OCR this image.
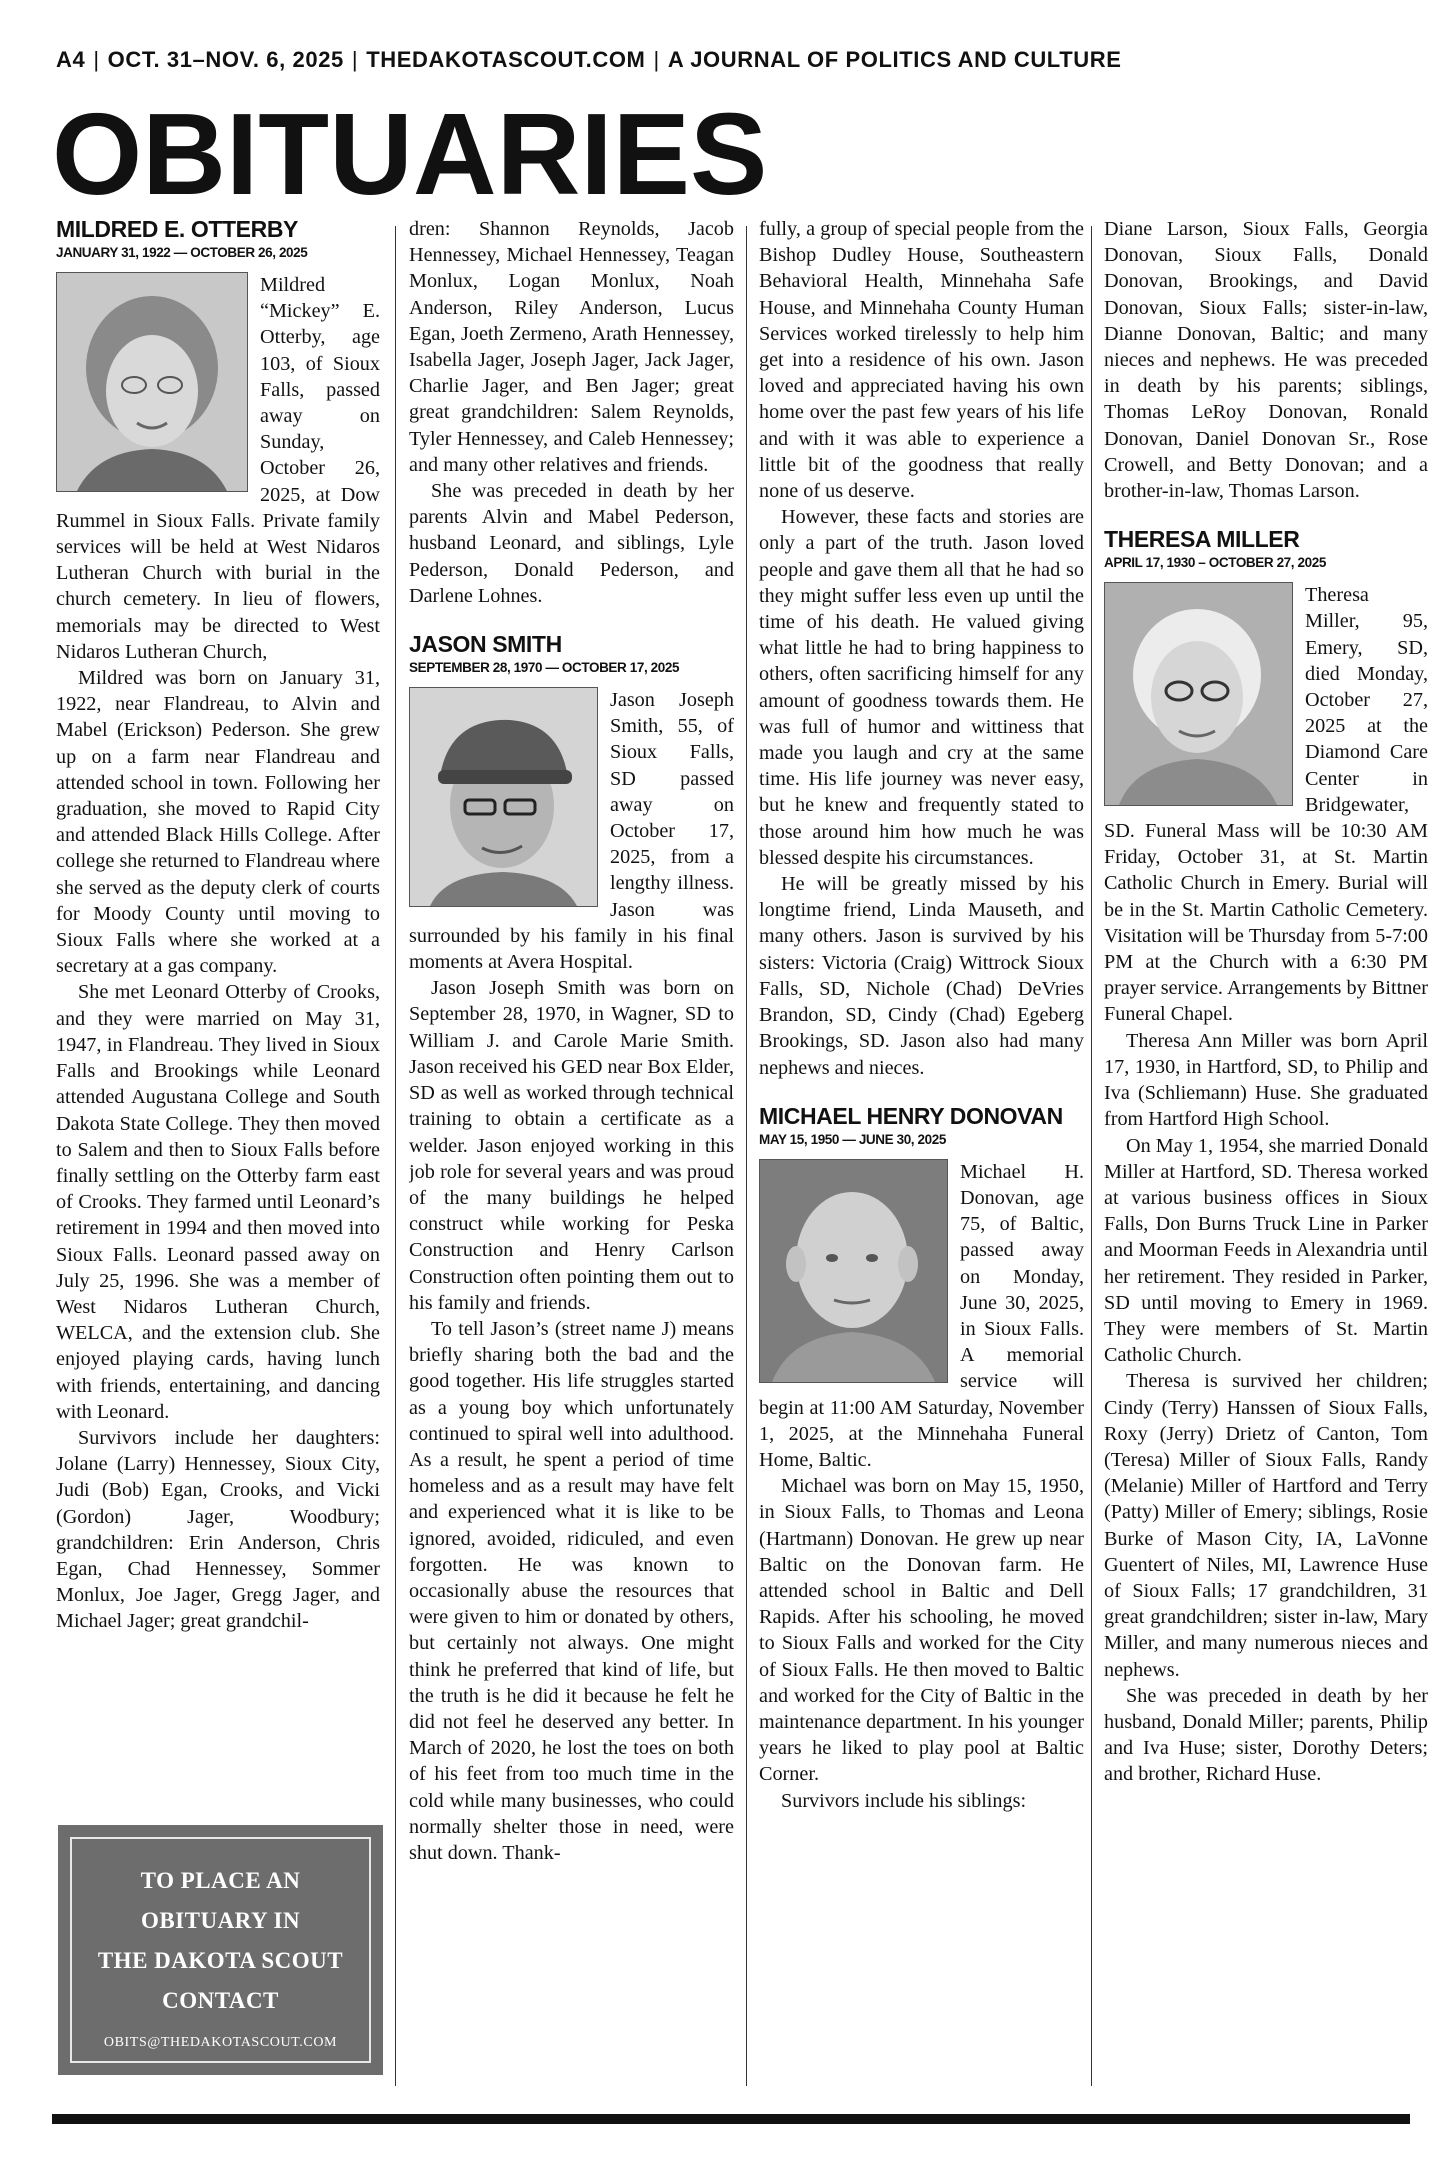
A4 | OCT. 31–NOV. 6, 2025 | THEDAKOTASCOUT.COM | A JOURNAL OF POLITICS AND CULTURE
OBITUARIES
MILDRED E. OTTERBY
JANUARY 31, 1922 — OCTOBER 26, 2025

Mildred “Mickey” E. Otterby, age 103, of Sioux Falls, passed away on Sunday, October 26, 2025, at Dow Rummel in Sioux Falls. Private family services will be held at West Nidaros Lutheran Church with burial in the church cemetery. In lieu of flowers, memorials may be directed to West Nidaros Lutheran Church,

Mildred was born on January 31, 1922, near Flandreau, to Alvin and Mabel (Erickson) Pederson. She grew up on a farm near Flandreau and attended school in town. Following her graduation, she moved to Rapid City and attended Black Hills College. After college she returned to Flandreau where she served as the deputy clerk of courts for Moody County until moving to Sioux Falls where she worked at a secretary at a gas company.

She met Leonard Otterby of Crooks, and they were married on May 31, 1947, in Flandreau. They lived in Sioux Falls and Brookings while Leonard attended Augustana College and South Dakota State College. They then moved to Salem and then to Sioux Falls before finally settling on the Otterby farm east of Crooks. They farmed until Leonard’s retirement in 1994 and then moved into Sioux Falls. Leonard passed away on July 25, 1996. She was a member of West Nidaros Lutheran Church, WELCA, and the extension club. She enjoyed playing cards, having lunch with friends, entertaining, and dancing with Leonard.

Survivors include her daughters: Jolane (Larry) Hennessey, Sioux City, Judi (Bob) Egan, Crooks, and Vicki (Gordon) Jager, Woodbury; grandchildren: Erin Anderson, Chris Egan, Chad Hennessey, Sommer Monlux, Joe Jager, Gregg Jager, and Michael Jager; great grandchil-

TO PLACE AN
OBITUARY IN
THE DAKOTA SCOUT
CONTACT
OBITS@THEDAKOTASCOUT.COM

dren: Shannon Reynolds, Jacob Hennessey, Michael Hennessey, Teagan Monlux, Logan Monlux, Noah Anderson, Riley Anderson, Lucus Egan, Joeth Zermeno, Arath Hennessey, Isabella Jager, Joseph Jager, Jack Jager, Charlie Jager, and Ben Jager; great great grandchildren: Salem Reynolds, Tyler Hennessey, and Caleb Hennessey; and many other relatives and friends.

She was preceded in death by her parents Alvin and Mabel Pederson, husband Leonard, and siblings, Lyle Pederson, Donald Pederson, and Darlene Lohnes.

JASON SMITH
SEPTEMBER 28, 1970 — OCTOBER 17, 2025

Jason Joseph Smith, 55, of Sioux Falls, SD passed away on October 17, 2025, from a lengthy illness. Jason was surrounded by his family in his final moments at Avera Hospital.

Jason Joseph Smith was born on September 28, 1970, in Wagner, SD to William J. and Carole Marie Smith. Jason received his GED near Box Elder, SD as well as worked through technical training to obtain a certificate as a welder. Jason enjoyed working in this job role for several years and was proud of the many buildings he helped construct while working for Peska Construction and Henry Carlson Construction often pointing them out to his family and friends.

To tell Jason’s (street name J) means briefly sharing both the bad and the good together. His life struggles started as a young boy which unfortunately continued to spiral well into adulthood. As a result, he spent a period of time homeless and as a result may have felt and experienced what it is like to be ignored, avoided, ridiculed, and even forgotten. He was known to occasionally abuse the resources that were given to him or donated by others, but certainly not always. One might think he preferred that kind of life, but the truth is he did it because he felt he did not feel he deserved any better. In March of 2020, he lost the toes on both of his feet from too much time in the cold while many businesses, who could normally shelter those in need, were shut down. Thank-

fully, a group of special people from the Bishop Dudley House, Southeastern Behavioral Health, Minnehaha Safe House, and Minnehaha County Human Services worked tirelessly to help him get into a residence of his own. Jason loved and appreciated having his own home over the past few years of his life and with it was able to experience a little bit of the goodness that really none of us deserve.

However, these facts and stories are only a part of the truth. Jason loved people and gave them all that he had so they might suffer less even up until the time of his death. He valued giving what little he had to bring happiness to others, often sacrificing himself for any amount of goodness towards them. He was full of humor and wittiness that made you laugh and cry at the same time. His life journey was never easy, but he knew and frequently stated to those around him how much he was blessed despite his circumstances.

He will be greatly missed by his longtime friend, Linda Mauseth, and many others. Jason is survived by his sisters: Victoria (Craig) Wittrock Sioux Falls, SD, Nichole (Chad) DeVries Brandon, SD, Cindy (Chad) Egeberg Brookings, SD. Jason also had many nephews and nieces.

MICHAEL HENRY DONOVAN
MAY 15, 1950 — JUNE 30, 2025

Michael H. Donovan, age 75, of Baltic, passed away on Monday, June 30, 2025, in Sioux Falls. A memorial service will begin at 11:00 AM Saturday, November 1, 2025, at the Minnehaha Funeral Home, Baltic.

Michael was born on May 15, 1950, in Sioux Falls, to Thomas and Leona (Hartmann) Donovan. He grew up near Baltic on the Donovan farm. He attended school in Baltic and Dell Rapids. After his schooling, he moved to Sioux Falls and worked for the City of Sioux Falls. He then moved to Baltic and worked for the City of Baltic in the maintenance department. In his younger years he liked to play pool at Baltic Corner.

Survivors include his siblings:

Diane Larson, Sioux Falls, Georgia Donovan, Sioux Falls, Donald Donovan, Brookings, and David Donovan, Sioux Falls; sister-in-law, Dianne Donovan, Baltic; and many nieces and nephews. He was preceded in death by his parents; siblings, Thomas LeRoy Donovan, Ronald Donovan, Daniel Donovan Sr., Rose Crowell, and Betty Donovan; and a brother-in-law, Thomas Larson.

THERESA MILLER
APRIL 17, 1930 – OCTOBER 27, 2025

Theresa Miller, 95, Emery, SD, died Monday, October 27, 2025 at the Diamond Care Center in Bridgewater, SD. Funeral Mass will be 10:30 AM Friday, October 31, at St. Martin Catholic Church in Emery. Burial will be in the St. Martin Catholic Cemetery. Visitation will be Thursday from 5-7:00 PM at the Church with a 6:30 PM prayer service. Arrangements by Bittner Funeral Chapel.

Theresa Ann Miller was born April 17, 1930, in Hartford, SD, to Philip and Iva (Schliemann) Huse. She graduated from Hartford High School.

On May 1, 1954, she married Donald Miller at Hartford, SD. Theresa worked at various business offices in Sioux Falls, Don Burns Truck Line in Parker and Moorman Feeds in Alexandria until her retirement. They resided in Parker, SD until moving to Emery in 1969. They were members of St. Martin Catholic Church.

Theresa is survived her children; Cindy (Terry) Hanssen of Sioux Falls, Roxy (Jerry) Drietz of Canton, Tom (Teresa) Miller of Sioux Falls, Randy (Melanie) Miller of Hartford and Terry (Patty) Miller of Emery; siblings, Rosie Burke of Mason City, IA, LaVonne Guentert of Niles, MI, Lawrence Huse of Sioux Falls; 17 grandchildren, 31 great grandchildren; sister in-law, Mary Miller, and many numerous nieces and nephews.

She was preceded in death by her husband, Donald Miller; parents, Philip and Iva Huse; sister, Dorothy Deters; and brother, Richard Huse.
